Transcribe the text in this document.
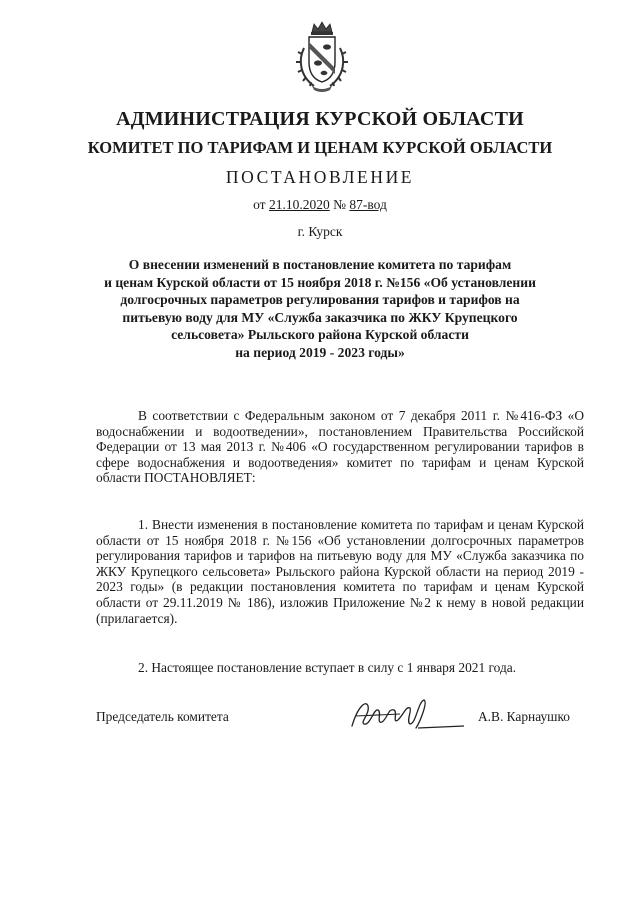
АДМИНИСТРАЦИЯ КУРСКОЙ ОБЛАСТИ
КОМИТЕТ ПО ТАРИФАМ И ЦЕНАМ КУРСКОЙ ОБЛАСТИ
ПОСТАНОВЛЕНИЕ
от 21.10.2020 № 87-вод
г. Курск
О внесении изменений в постановление комитета по тарифам
и ценам Курской области от 15 ноября 2018 г. №156 «Об установлении
долгосрочных параметров регулирования тарифов и тарифов на
питьевую воду для МУ «Служба заказчика по ЖКУ Крупецкого
сельсовета» Рыльского района Курской области
на период 2019 - 2023 годы»

В соответствии с Федеральным законом от 7 декабря 2011 г. №416-ФЗ «О водоснабжении и водоотведении», постановлением Правительства Российской Федерации от 13 мая 2013 г. №406 «О государственном регулировании тарифов в сфере водоснабжения и водоотведения» комитет по тарифам и ценам Курской области ПОСТАНОВЛЯЕТ:

1. Внести изменения в постановление комитета по тарифам и ценам Курской области от 15 ноября 2018 г. №156 «Об установлении долгосрочных параметров регулирования тарифов и тарифов на питьевую воду для МУ «Служба заказчика по ЖКУ Крупецкого сельсовета» Рыльского района Курской области на период 2019 - 2023 годы» (в редакции постановления комитета по тарифам и ценам Курской области от 29.11.2019 № 186), изложив Приложение №2 к нему в новой редакции (прилагается).

2. Настоящее постановление вступает в силу с 1 января 2021 года.

Председатель комитета	А.В. Карнаушко
